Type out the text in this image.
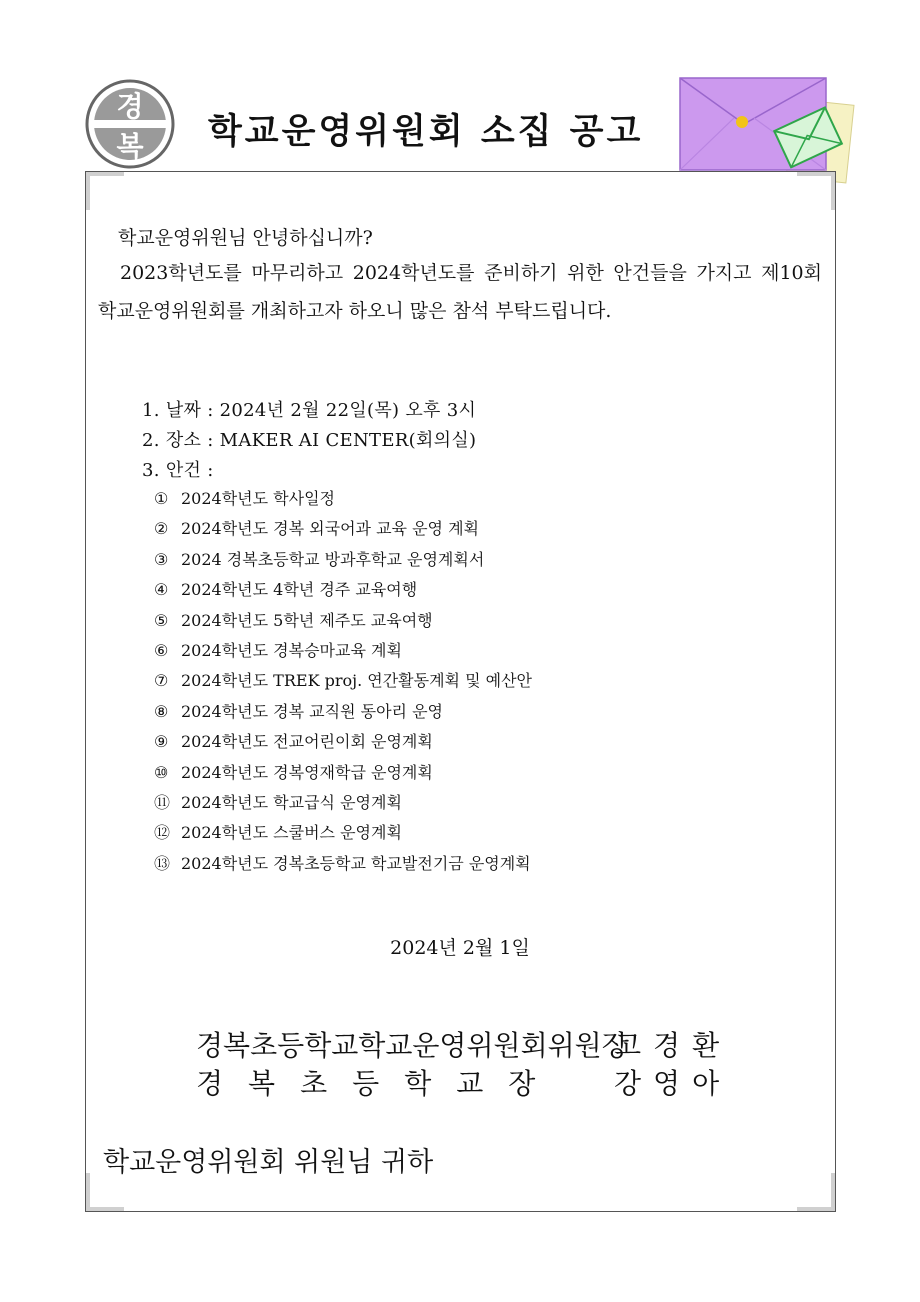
경
복 학교운영위원회 소집 공고
학교운영위원님 안녕하십니까?
2023학년도를 마무리하고 2024학년도를 준비하기 위한 안건들을 가지고 제10회 학교운영위원회를 개최하고자 하오니 많은 참석 부탁드립니다.
1. 날짜 : 2024년 2월 22일(목) 오후 3시
2. 장소 : MAKER AI CENTER(회의실)
3. 안건 :
① 2024학년도 학사일정
② 2024학년도 경복 외국어과 교육 운영 계획
③ 2024 경복초등학교 방과후학교 운영계획서
④ 2024학년도 4학년 경주 교육여행
⑤ 2024학년도 5학년 제주도 교육여행
⑥ 2024학년도 경복승마교육 계획
⑦ 2024학년도 TREK proj. 연간활동계획 및 예산안
⑧ 2024학년도 경복 교직원 동아리 운영
⑨ 2024학년도 전교어린이회 운영계획
⑩ 2024학년도 경복영재학급 운영계획
⑪ 2024학년도 학교급식 운영계획
⑫ 2024학년도 스쿨버스 운영계획
⑬ 2024학년도 경복초등학교 학교발전기금 운영계획
2024년 2월 1일
경복초등학교학교운영위원회위원장
고경환
경복초등학교장 강영아
학교운영위원회 위원님 귀하
